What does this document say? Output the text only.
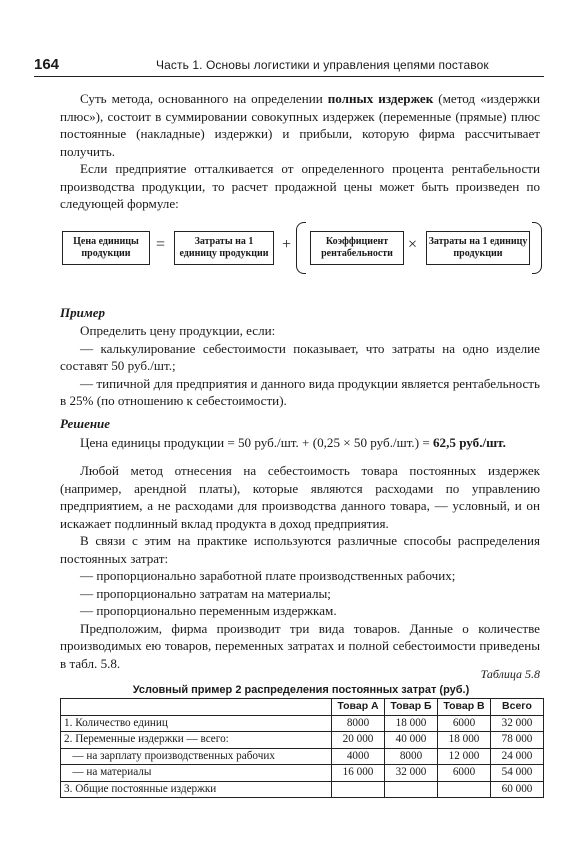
164	Часть 1. Основы логистики и управления цепями поставок

Суть метода, основанного на определении полных издержек (метод «издержки плюс»), состоит в суммировании совокупных издержек (переменные (прямые) плюс постоянные (накладные) издержки) и прибыли, которую фирма рассчитывает получить.

Если предприятие отталкивается от определенного процента рентабельности производства продукции, то расчет продажной цены может быть произведен по следующей формуле:

Цена единицы продукции
=	Затраты на 1 единицу продукции
+	Коэффициент рентабельности
× Затраты на 1 единицу продукции
Пример

Определить цену продукции, если:

— калькулирование себестоимости показывает, что затраты на одно изделие составят 50 руб./шт.;

— типичной для предприятия и данного вида продукции является рентабельность в 25% (по отношению к себестоимости).

Решение

Цена единицы продукции = 50 руб./шт. + (0,25 × 50 руб./шт.) = 62,5 руб./шт.

Любой метод отнесения на себестоимость товара постоянных издержек (например, арендной платы), которые являются расходами по управлению предприятием, а не расходами для производства данного товара, — условный, и он искажает подлинный вклад продукта в доход предприятия.

В связи с этим на практике используются различные способы распределения постоянных затрат:

— пропорционально заработной плате производственных рабочих;

— пропорционально затратам на материалы;

— пропорционально переменным издержкам.

Предположим, фирма производит три вида товаров. Данные о количестве производимых ею товаров, переменных затратах и полной себестоимости приведены в табл. 5.8.

Таблица 5.8
Условный пример 2 распределения постоянных затрат (руб.)
	Товар А	Товар Б	Товар В	Всего
1. Количество единиц	8000	18 000	6000	32 000
2. Переменные издержки — всего:	20 000	40 000	18 000	78 000
— на зарплату производственных рабочих	4000	8000	12 000	24 000
— на материалы	16 000	32 000	6000	54 000
3. Общие постоянные издержки				60 000
